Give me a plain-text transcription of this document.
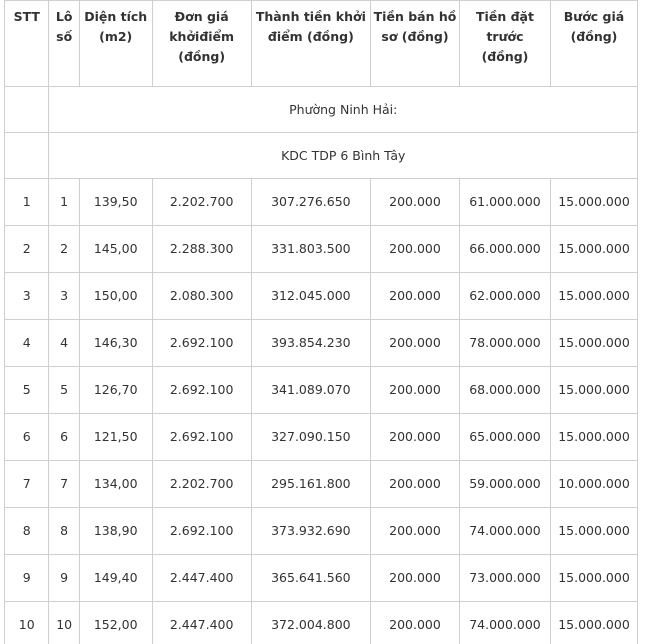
STT	Lô số	Diện tích (m2)	Đơn giá khởiđiểm (đồng)	Thành tiền khởi điểm (đồng)	Tiền bán hồ sơ (đồng)	Tiền đặt trước (đồng)	Bước giá (đồng)
	Phường Ninh Hải:						
	KDC TDP 6 Bình Tây						
1	1	139,50	2.202.700	307.276.650	200.000	61.000.000	15.000.000
2	2	145,00	2.288.300	331.803.500	200.000	66.000.000	15.000.000
3	3	150,00	2.080.300	312.045.000	200.000	62.000.000	15.000.000
4	4	146,30	2.692.100	393.854.230	200.000	78.000.000	15.000.000
5	5	126,70	2.692.100	341.089.070	200.000	68.000.000	15.000.000
6	6	121,50	2.692.100	327.090.150	200.000	65.000.000	15.000.000
7	7	134,00	2.202.700	295.161.800	200.000	59.000.000	10.000.000
8	8	138,90	2.692.100	373.932.690	200.000	74.000.000	15.000.000
9	9	149,40	2.447.400	365.641.560	200.000	73.000.000	15.000.000
10	10	152,00	2.447.400	372.004.800	200.000	74.000.000	15.000.000
